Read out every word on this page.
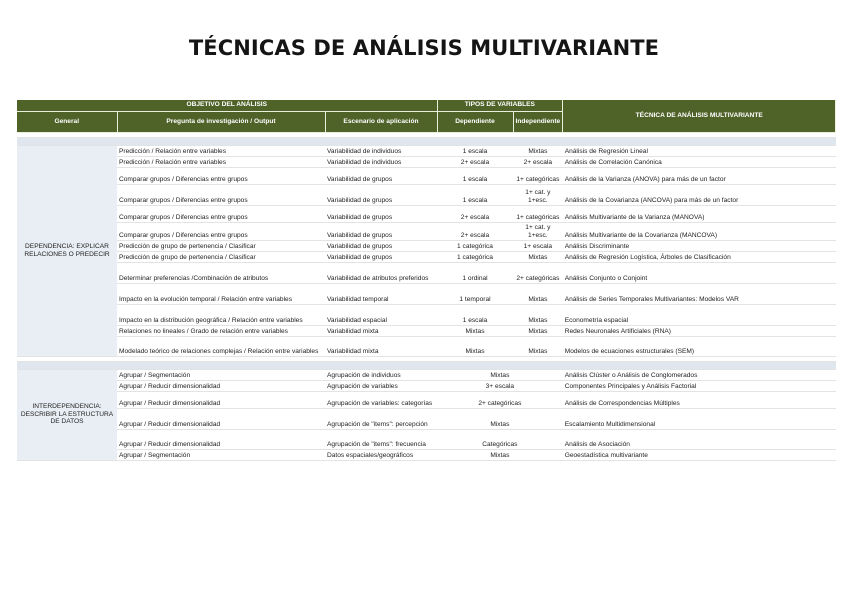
TÉCNICAS DE ANÁLISIS MULTIVARIANTE
OBJETIVO DEL ANÁLISIS			TIPOS DE VARIABLES		TÉCNICA DE ANÁLISIS MULTIVARIANTE
General	Pregunta de investigación / Output	Escenario de aplicación	Dependiente	Independiente	

DEPENDENCIA: EXPLICAR RELACIONES O PREDECIR	Predicción / Relación entre variables	Variabilidad de individuos	1 escala	Mixtas	Análisis de Regresión Lineal
	Predicción / Relación entre variables	Variabilidad de individuos	2+ escala	2+ escala	Análisis de Correlación Canónica
	Comparar grupos / Diferencias entre grupos	Variabilidad de grupos	1 escala	1+ categóricas	Análisis de la Varianza (ANOVA) para más de un factor
	Comparar grupos / Diferencias entre grupos	Variabilidad de grupos	1 escala	1+ cat. y 1+esc.	Análisis de la Covarianza (ANCOVA) para más de un factor
	Comparar grupos / Diferencias entre grupos	Variabilidad de grupos	2+ escala	1+ categóricas	Análisis Multivariante de la Varianza (MANOVA)
	Comparar grupos / Diferencias entre grupos	Variabilidad de grupos	2+ escala	1+ cat. y 1+esc.	Análisis Multivariante de la Covarianza (MANCOVA)
	Predicción de grupo de pertenencia / Clasificar	Variabilidad de grupos	1 categórica	1+ escala	Análisis Discriminante
	Predicción de grupo de pertenencia / Clasificar	Variabilidad de grupos	1 categórica	Mixtas	Análisis de Regresión Logística, Árboles de Clasificación
	Determinar preferencias /Combinación de atributos	Variabilidad de atributos preferidos	1 ordinal	2+ categóricas	Análisis Conjunto o Conjoint
	Impacto en la evolución temporal / Relación entre variables	Variabilidad temporal	1 temporal	Mixtas	Análisis de Series Temporales Multivariantes: Modelos VAR
	Impacto en la distribución geográfica / Relación entre variables	Variabilidad espacial	1 escala	Mixtas	Econometría espacial
	Relaciones no lineales / Grado de relación entre variables	Variabilidad mixta	Mixtas	Mixtas	Redes Neuronales Artificiales (RNA)
	Modelado teórico de relaciones complejas / Relación entre variables	Variabilidad mixta	Mixtas	Mixtas	Modelos de ecuaciones estructurales (SEM)

INTERDEPENDENCIA: DESCRIBIR LA ESTRUCTURA DE DATOS	Agrupar / Segmentación	Agrupación de individuos	Mixtas		Análisis Clúster o Análisis de Conglomerados
	Agrupar / Reducir dimensionalidad	Agrupación de variables	3+ escala		Componentes Principales y Análisis Factorial
	Agrupar / Reducir dimensionalidad	Agrupación de variables: categorías	2+ categóricas		Análisis de Correspondencias Múltiples
	Agrupar / Reducir dimensionalidad	Agrupación de "items": percepción	Mixtas		Escalamiento Multidimensional
	Agrupar / Reducir dimensionalidad	Agrupación de "items": frecuencia	Categóricas		Análisis de Asociación
	Agrupar / Segmentación	Datos espaciales/geográficos	Mixtas		Geoestadística multivariante
